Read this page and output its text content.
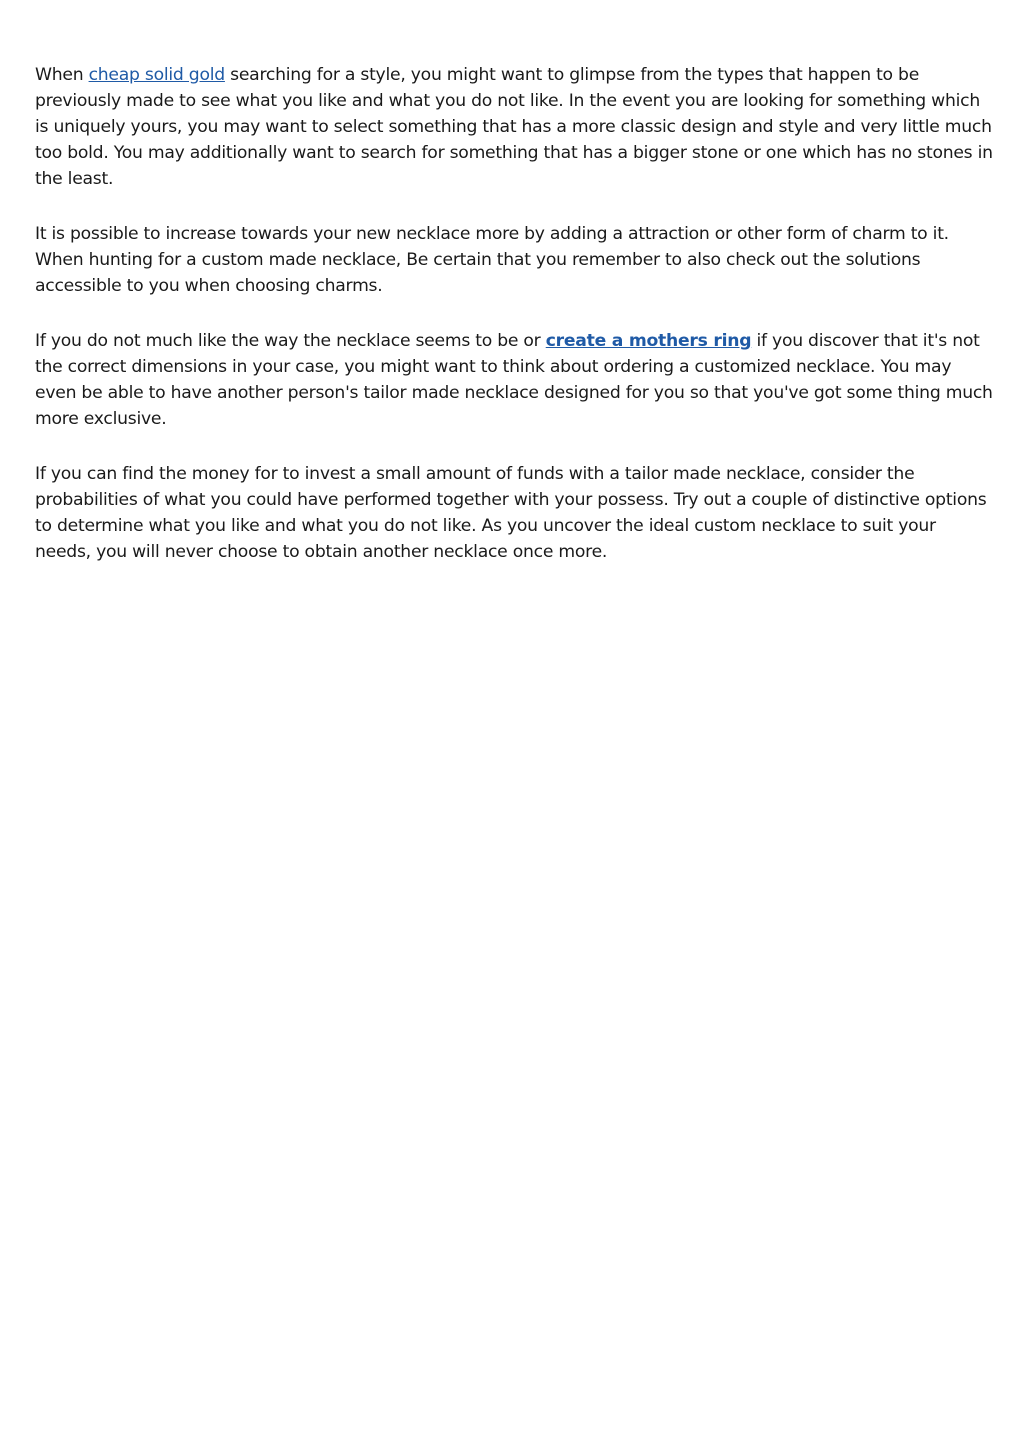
When cheap solid gold searching for a style, you might want to glimpse from the types that happen to be previously made to see what you like and what you do not like. In the event you are looking for something which is uniquely yours, you may want to select something that has a more classic design and style and very little much too bold. You may additionally want to search for something that has a bigger stone or one which has no stones in the least.

It is possible to increase towards your new necklace more by adding a attraction or other form of charm to it. When hunting for a custom made necklace, Be certain that you remember to also check out the solutions accessible to you when choosing charms.

If you do not much like the way the necklace seems to be or create a mothers ring if you discover that it's not the correct dimensions in your case, you might want to think about ordering a customized necklace. You may even be able to have another person's tailor made necklace designed for you so that you've got some thing much more exclusive.

If you can find the money for to invest a small amount of funds with a tailor made necklace, consider the probabilities of what you could have performed together with your possess. Try out a couple of distinctive options to determine what you like and what you do not like. As you uncover the ideal custom necklace to suit your needs, you will never choose to obtain another necklace once more.
